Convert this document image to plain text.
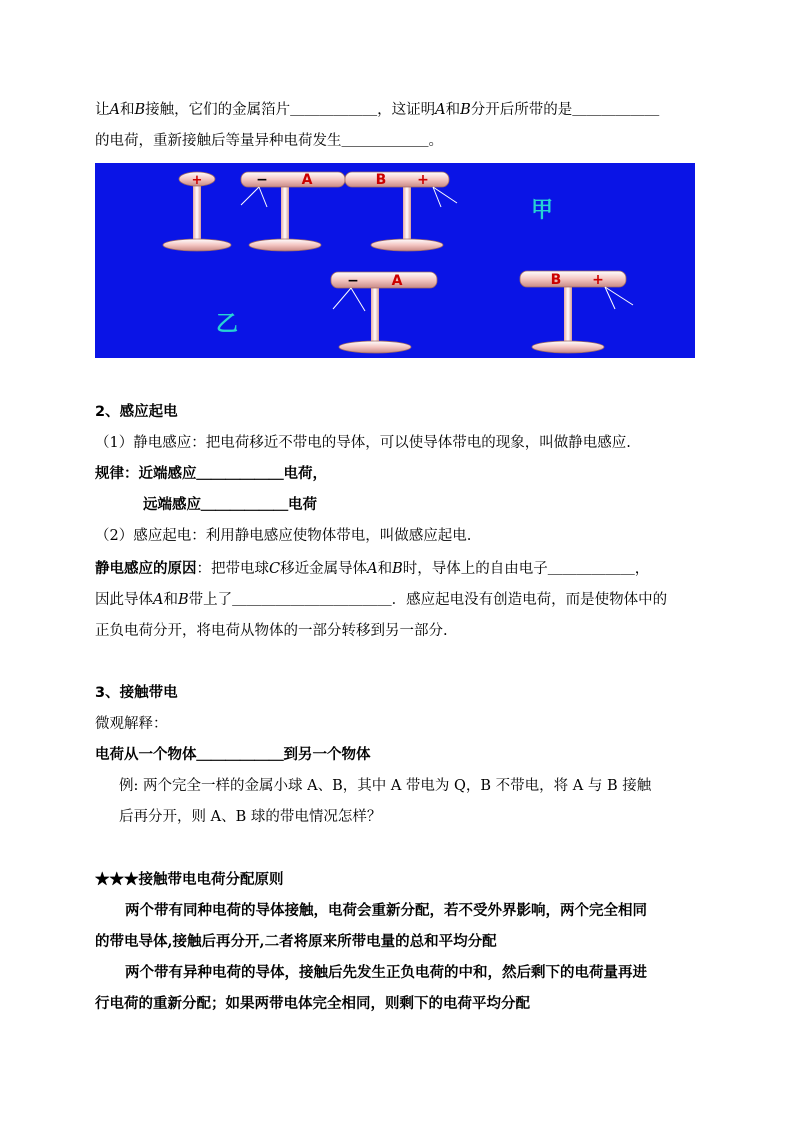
让A和B接触，它们的金属箔片＿＿＿＿＿＿，这证明A和B分开后所带的是＿＿＿＿＿＿
的电荷，重新接触后等量异种电荷发生＿＿＿＿＿＿。
+	− A	B +
甲
− A	B +
乙
2、感应起电
（1）静电感应：把电荷移近不带电的导体，可以使导体带电的现象，叫做静电感应.
规律：近端感应＿＿＿＿＿＿电荷，
远端感应＿＿＿＿＿＿电荷
（2）感应起电：利用静电感应使物体带电，叫做感应起电.
静电感应的原因：把带电球C移近金属导体A和B时，导体上的自由电子＿＿＿＿＿＿，
因此导体A和B带上了＿＿＿＿＿＿＿＿＿＿＿．感应起电没有创造电荷，而是使物体中的
正负电荷分开，将电荷从物体的一部分转移到另一部分.
3、接触带电
微观解释：
电荷从一个物体＿＿＿＿＿＿到另一个物体
例: 两个完全一样的金属小球 A、B，其中 A 带电为 Q，B 不带电，将 A 与 B 接触
后再分开，则 A、B 球的带电情况怎样？
★★★接触带电电荷分配原则
两个带有同种电荷的导体接触，电荷会重新分配，若不受外界影响，两个完全相同
的带电导体,接触后再分开,二者将原来所带电量的总和平均分配
两个带有异种电荷的导体，接触后先发生正负电荷的中和，然后剩下的电荷量再进
行电荷的重新分配；如果两带电体完全相同，则剩下的电荷平均分配
